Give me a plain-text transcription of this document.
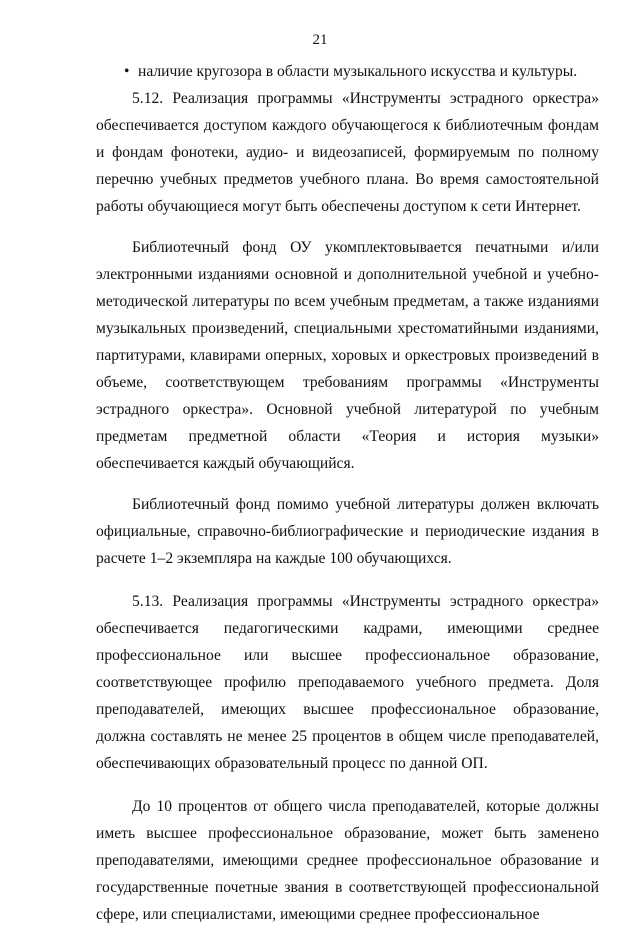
21

• наличие кругозора в области музыкального искусства и культуры.

5.12. Реализация программы «Инструменты эстрадного оркестра» обеспечивается доступом каждого обучающегося к библиотечным фондам и фондам фонотеки, аудио- и видеозаписей, формируемым по полному перечню учебных предметов учебного плана. Во время самостоятельной работы обучающиеся могут быть обеспечены доступом к сети Интернет.

Библиотечный фонд ОУ укомплектовывается печатными и/или электронными изданиями основной и дополнительной учебной и учебно-методической литературы по всем учебным предметам, а также изданиями музыкальных произведений, специальными хрестоматийными изданиями, партитурами, клавирами оперных, хоровых и оркестровых произведений в объеме, соответствующем требованиям программы «Инструменты эстрадного оркестра». Основной учебной литературой по учебным предметам предметной области «Теория и история музыки» обеспечивается каждый обучающийся.

Библиотечный фонд помимо учебной литературы должен включать официальные, справочно-библиографические и периодические издания в расчете 1–2 экземпляра на каждые 100 обучающихся.

5.13. Реализация программы «Инструменты эстрадного оркестра» обеспечивается педагогическими кадрами, имеющими среднее профессиональное или высшее профессиональное образование, соответствующее профилю преподаваемого учебного предмета. Доля преподавателей, имеющих высшее профессиональное образование, должна составлять не менее 25 процентов в общем числе преподавателей, обеспечивающих образовательный процесс по данной ОП.

До 10 процентов от общего числа преподавателей, которые должны иметь высшее профессиональное образование, может быть заменено преподавателями, имеющими среднее профессиональное образование и государственные почетные звания в соответствующей профессиональной сфере, или специалистами, имеющими среднее профессиональное
